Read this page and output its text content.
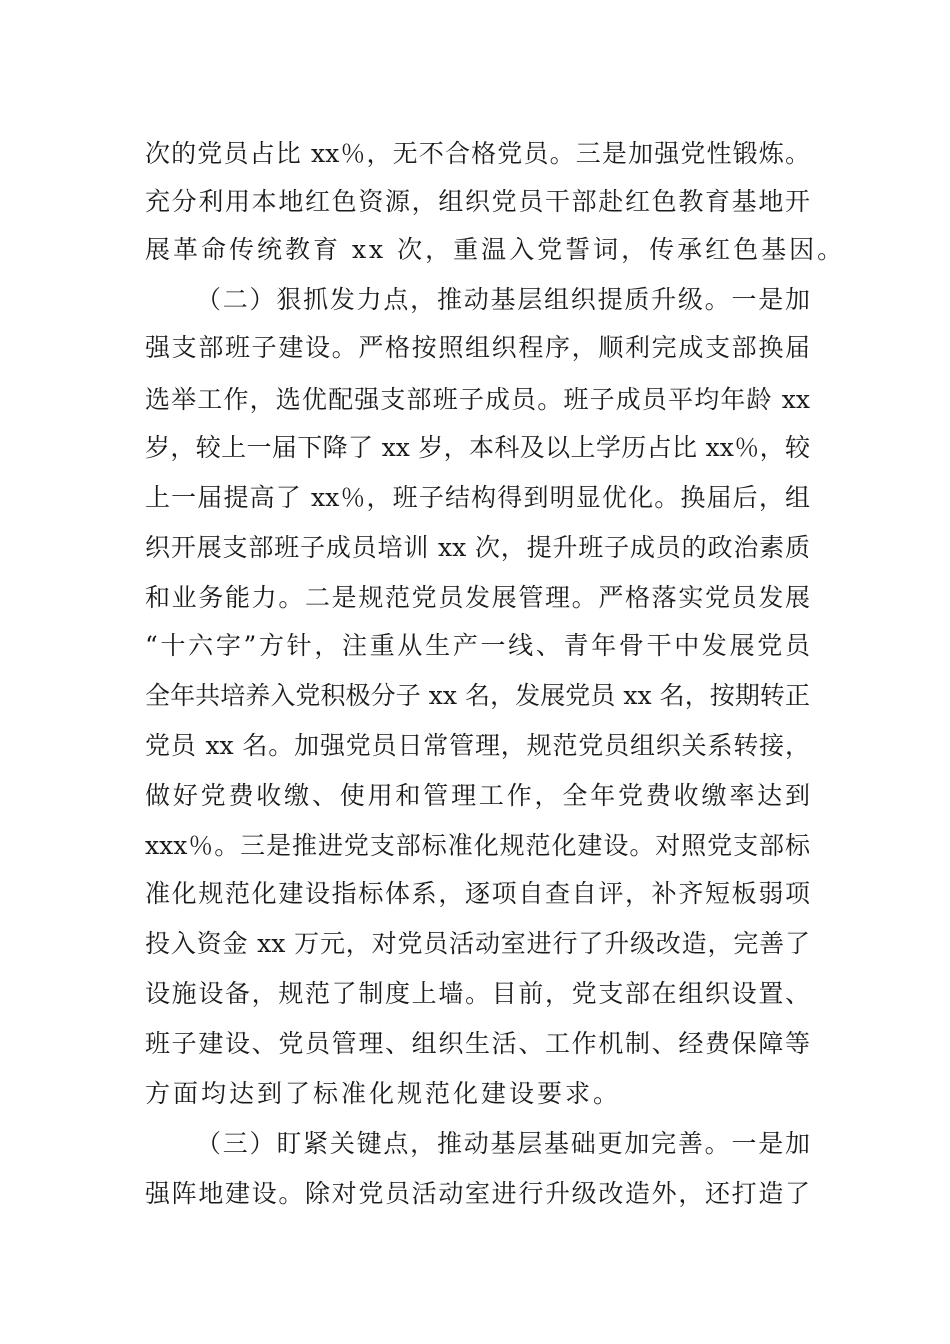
次的党员占比 xx％，无不合格党员。三是加强党性锻炼。
充分利用本地红色资源，组织党员干部赴红色教育基地开
展革命传统教育 xx 次，重温入党誓词，传承红色基因。
（二）狠抓发力点，推动基层组织提质升级。一是加
强支部班子建设。严格按照组织程序，顺利完成支部换届
选举工作，选优配强支部班子成员。班子成员平均年龄 xx
岁，较上一届下降了 xx 岁，本科及以上学历占比 xx％，较
上一届提高了 xx％，班子结构得到明显优化。换届后，组
织开展支部班子成员培训 xx 次，提升班子成员的政治素质
和业务能力。二是规范党员发展管理。严格落实党员发展
“十六字”方针，注重从生产一线、青年骨干中发展党员
全年共培养入党积极分子 xx 名，发展党员 xx 名，按期转正
党员 xx 名。加强党员日常管理，规范党员组织关系转接，
做好党费收缴、使用和管理工作，全年党费收缴率达到
xxx％。三是推进党支部标准化规范化建设。对照党支部标
准化规范化建设指标体系，逐项自查自评，补齐短板弱项
投入资金 xx 万元，对党员活动室进行了升级改造，完善了
设施设备，规范了制度上墙。目前，党支部在组织设置、
班子建设、党员管理、组织生活、工作机制、经费保障等
方面均达到了标准化规范化建设要求。
（三）盯紧关键点，推动基层基础更加完善。一是加
强阵地建设。除对党员活动室进行升级改造外，还打造了
